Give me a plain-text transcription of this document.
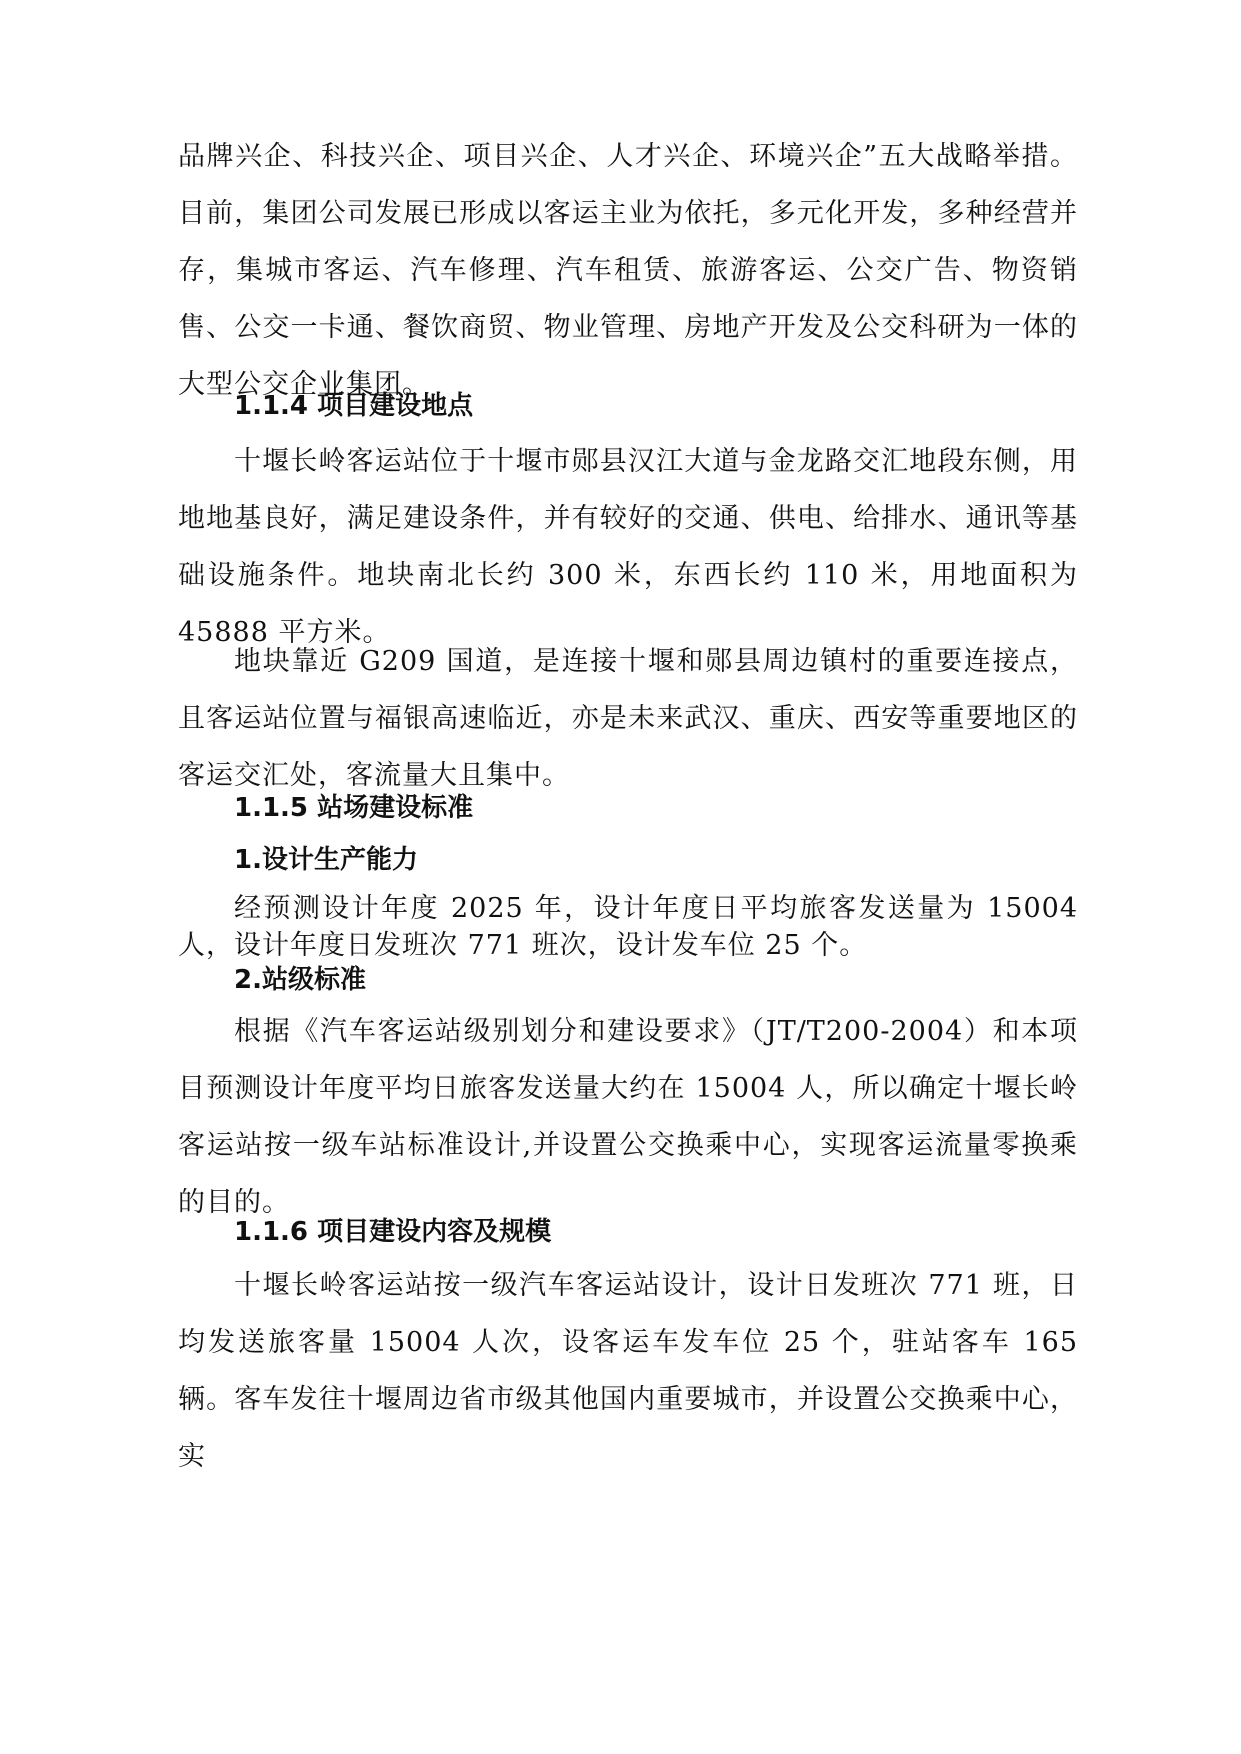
品牌兴企、科技兴企、项目兴企、人才兴企、环境兴企”五大战略举措。目前，集团公司发展已形成以客运主业为依托，多元化开发，多种经营并存，集城市客运、汽车修理、汽车租赁、旅游客运、公交广告、物资销售、公交一卡通、餐饮商贸、物业管理、房地产开发及公交科研为一体的大型公交企业集团。

1.1.4 项目建设地点

十堰长岭客运站位于十堰市郧县汉江大道与金龙路交汇地段东侧，用地地基良好，满足建设条件，并有较好的交通、供电、给排水、通讯等基础设施条件。地块南北长约 300 米，东西长约 110 米，用地面积为 45888 平方米。

地块靠近 G209 国道，是连接十堰和郧县周边镇村的重要连接点，且客运站位置与福银高速临近，亦是未来武汉、重庆、西安等重要地区的客运交汇处，客流量大且集中。

1.1.5 站场建设标准
1.设计生产能力

经预测设计年度 2025 年，设计年度日平均旅客发送量为 15004 人，设计年度日发班次 771 班次，设计发车位 25 个。

2.站级标准

根据《汽车客运站级别划分和建设要求》（JT/T200-2004）和本项目预测设计年度平均日旅客发送量大约在 15004 人，所以确定十堰长岭客运站按一级车站标准设计,并设置公交换乘中心，实现客运流量零换乘的目的。

1.1.6 项目建设内容及规模

十堰长岭客运站按一级汽车客运站设计，设计日发班次 771 班，日均发送旅客量 15004 人次，设客运车发车位 25 个，驻站客车 165 辆。客车发往十堰周边省市级其他国内重要城市，并设置公交换乘中心，实
